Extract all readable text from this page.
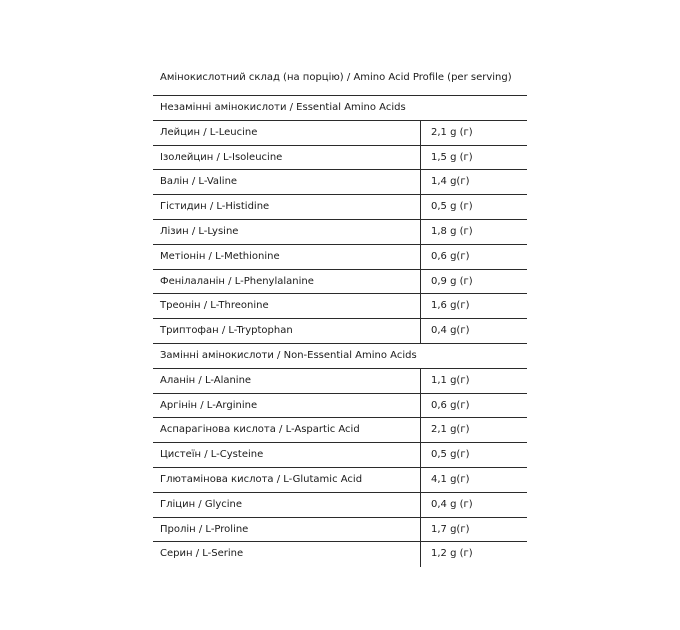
Амінокислотний склад (на порцію) / Amino Acid Profile (per serving)
Незамінні амінокислоти / Essential Amino Acids
Лейцин / L-Leucine	2,1 g (г)
Ізолейцин / L-Isoleucine	1,5 g (г)
Валін / L-Valine	1,4 g(г)
Гістидин / L-Histidine	0,5 g (г)
Лізин / L-Lysine	1,8 g (г)
Метіонін / L-Methionine	0,6 g(г)
Фенілаланін / L-Phenylalanine	0,9 g (г)
Треонін / L-Threonine	1,6 g(г)
Триптофан / L-Tryptophan	0,4 g(г)
Замінні амінокислоти / Non-Essential Amino Acids
Аланін / L-Alanine	1,1 g(г)
Аргінін / L-Arginine	0,6 g(г)
Аспарагінова кислота / L-Aspartic Acid	2,1 g(г)
Цистеїн / L-Cysteine	0,5 g(г)
Глютамінова кислота / L-Glutamic Acid	4,1 g(г)
Гліцин / Glycine	0,4 g (г)
Пролін / L-Proline	1,7 g(г)
Серин / L-Serine	1,2 g (г)
